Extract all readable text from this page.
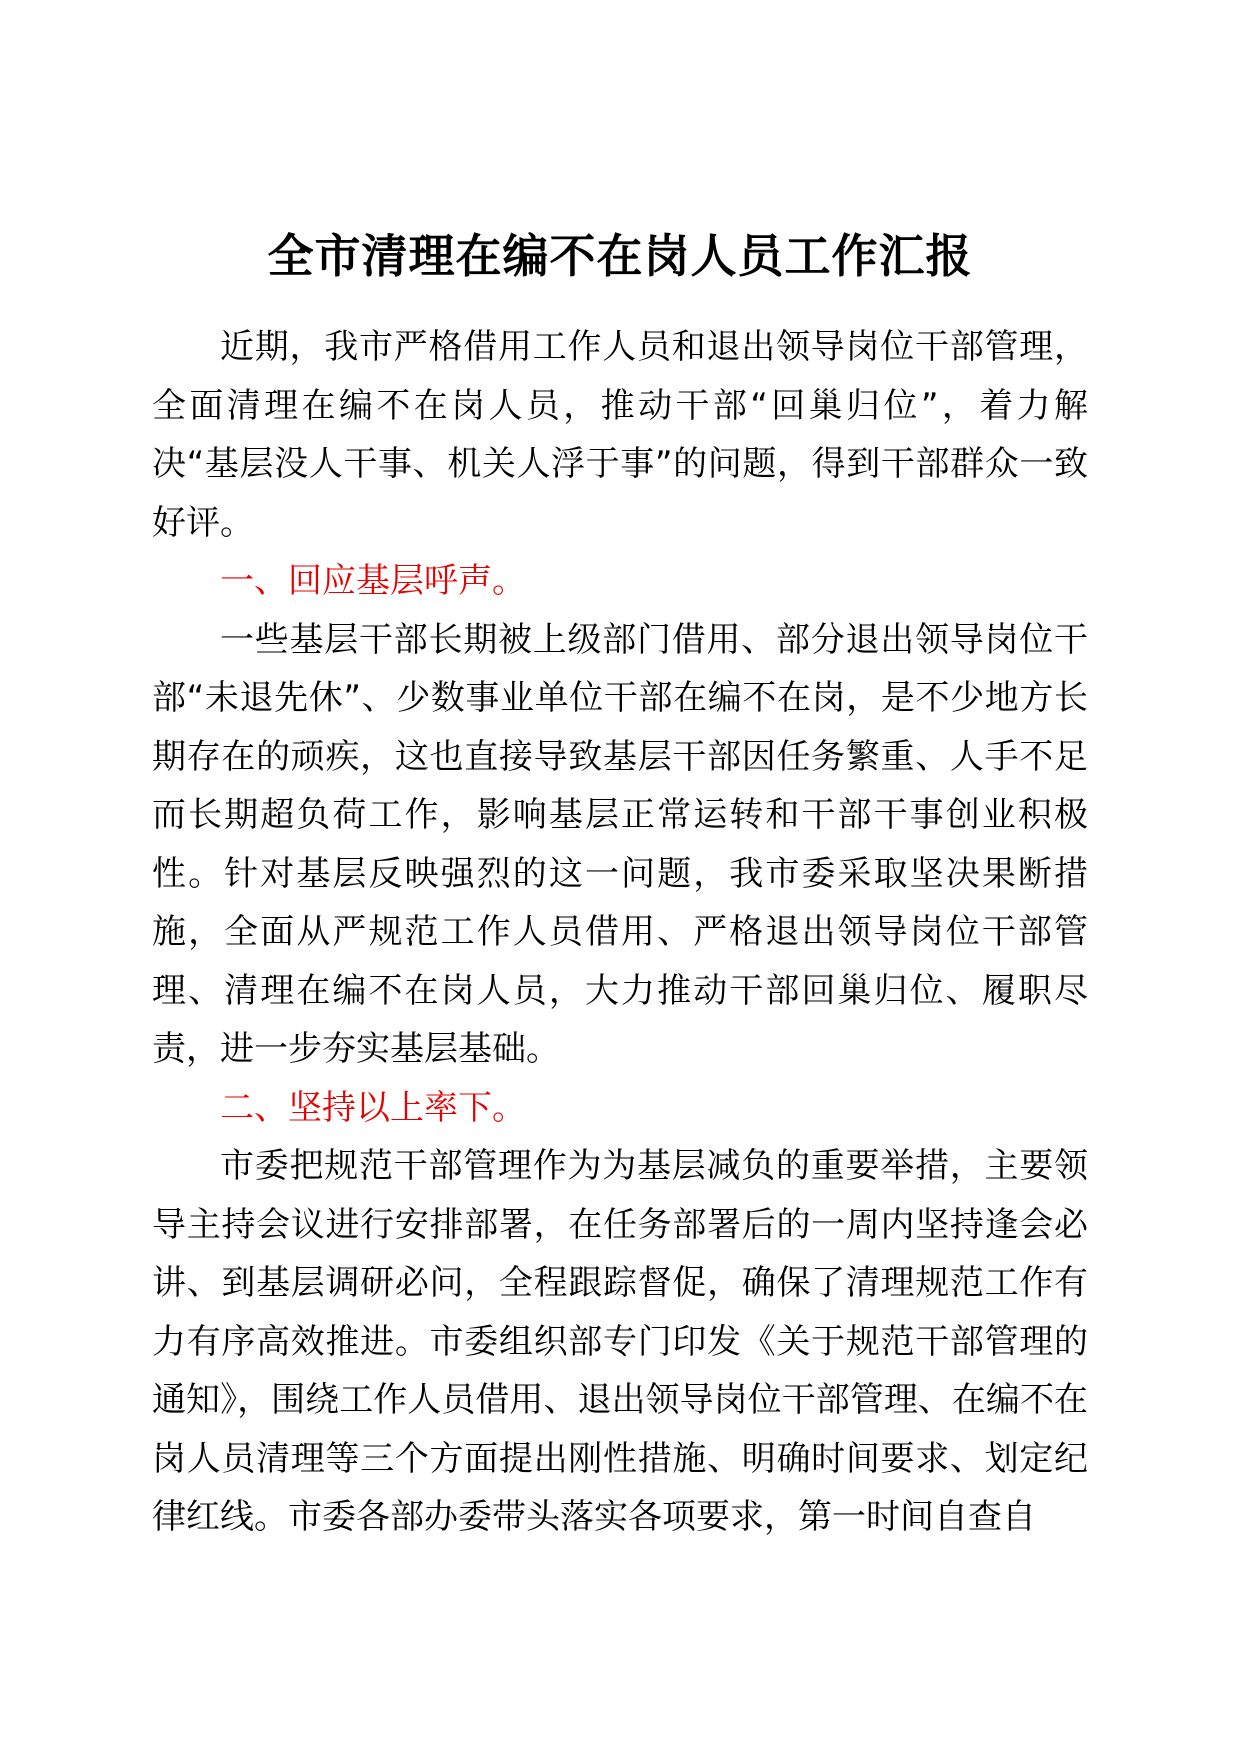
全市清理在编不在岗人员工作汇报

近期，我市严格借用工作人员和退出领导岗位干部管理，全面清理在编不在岗人员，推动干部“回巢归位”，着力解决“基层没人干事、机关人浮于事”的问题，得到干部群众一致好评。

一、回应基层呼声。

一些基层干部长期被上级部门借用、部分退出领导岗位干部“未退先休”、少数事业单位干部在编不在岗，是不少地方长期存在的顽疾，这也直接导致基层干部因任务繁重、人手不足而长期超负荷工作，影响基层正常运转和干部干事创业积极性。针对基层反映强烈的这一问题，我市委采取坚决果断措施，全面从严规范工作人员借用、严格退出领导岗位干部管理、清理在编不在岗人员，大力推动干部回巢归位、履职尽责，进一步夯实基层基础。

二、坚持以上率下。

市委把规范干部管理作为为基层减负的重要举措，主要领导主持会议进行安排部署，在任务部署后的一周内坚持逢会必讲、到基层调研必问，全程跟踪督促，确保了清理规范工作有力有序高效推进。市委组织部专门印发《关于规范干部管理的通知》，围绕工作人员借用、退出领导岗位干部管理、在编不在岗人员清理等三个方面提出刚性措施、明确时间要求、划定纪律红线。市委各部办委带头落实各项要求，第一时间自查自
